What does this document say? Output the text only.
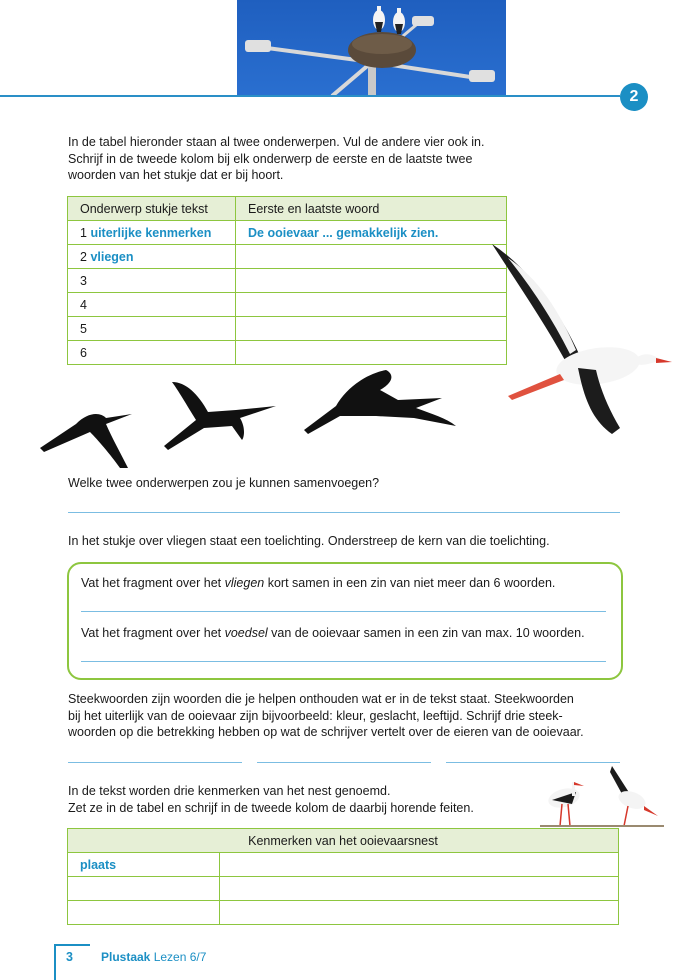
2
In de tabel hieronder staan al twee onderwerpen. Vul de andere vier ook in.
Schrijf in de tweede kolom bij elk onderwerp de eerste en de laatste twee
woorden van het stukje dat er bij hoort.
Onderwerp stukje tekst	Eerste en laatste woord
1 uiterlijke kenmerken	De ooievaar ... gemakkelijk zien.
2 vliegen	
3	
4	
5	
6	
Welke twee onderwerpen zou je kunnen samenvoegen?
In het stukje over vliegen staat een toelichting. Onderstreep de kern van die toelichting.
Vat het fragment over het vliegen kort samen in een zin van niet meer dan 6 woorden.
Vat het fragment over het voedsel van de ooievaar samen in een zin van max. 10 woorden.
Steekwoorden zijn woorden die je helpen onthouden wat er in de tekst staat. Steekwoorden
bij het uiterlijk van de ooievaar zijn bijvoorbeeld: kleur, geslacht, leeftijd. Schrijf drie steek-
woorden op die betrekking hebben op wat de schrijver vertelt over de eieren van de ooievaar.
In de tekst worden drie kenmerken van het nest genoemd.
Zet ze in de tabel en schrijf in de tweede kolom de daarbij horende feiten.
Kenmerken van het ooievaarsnest	
plaats	

3 Plustaak Lezen 6/7
